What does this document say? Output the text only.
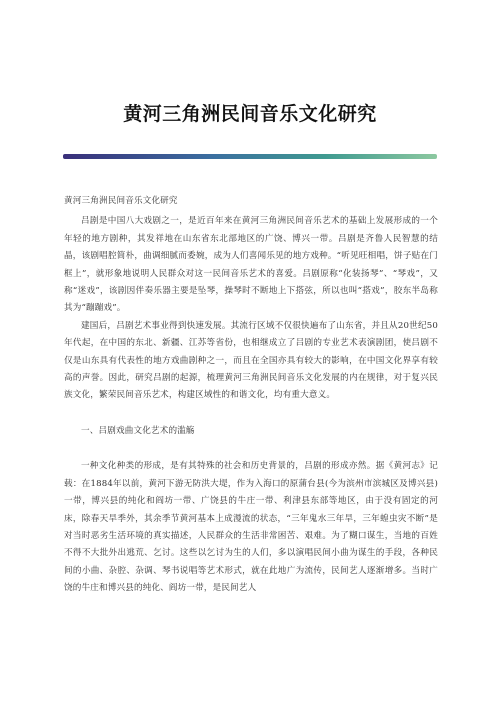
黄河三角洲民间音乐文化研究

黄河三角洲民间音乐文化研究

吕剧是中国八大戏剧之一，是近百年来在黄河三角洲民间音乐艺术的基础上发展形成的一个年轻的地方剧种，其发祥地在山东省东北部地区的广饶、博兴一带。吕剧是齐鲁人民智慧的结晶，该剧唱腔简朴，曲调细腻而委婉，成为人们喜闻乐见的地方戏种。“听见旺相唱，饼子贴在门框上”，就形象地说明人民群众对这一民间音乐艺术的喜爱。吕剧原称“化装扬琴”、“琴戏”，又称“迷戏”，该剧因伴奏乐器主要是坠琴，操琴时不断地上下搭弦，所以也叫“搭戏”，胶东半岛称其为“蹦蹦戏”。

建国后，吕剧艺术事业得到快速发展。其流行区域不仅很快遍布了山东省，并且从20世纪50年代起，在中国的东北、新疆、江苏等省份，也相继成立了吕剧的专业艺术表演剧团，使吕剧不仅是山东具有代表性的地方戏曲剧种之一，而且在全国亦具有较大的影响，在中国文化界享有较高的声誉。因此，研究吕剧的起源，梳理黄河三角洲民间音乐文化发展的内在规律，对于复兴民族文化，繁荣民间音乐艺术，构建区域性的和谐文化，均有重大意义。

一、吕剧戏曲文化艺术的滥觞

一种文化种类的形成，是有其特殊的社会和历史背景的，吕剧的形成亦然。据《黄河志》记载：在1884年以前，黄河下游无防洪大堤，作为入海口的原蒲台县(今为滨州市滨城区及博兴县)一带，博兴县的纯化和阎坊一带、广饶县的牛庄一带、利津县东部等地区，由于没有固定的河床，除春天旱季外，其余季节黄河基本上成漫流的状态，“三年鬼水三年旱，三年蝗虫灾不断”是对当时恶劣生活环境的真实描述，人民群众的生活非常困苦、艰难。为了糊口谋生，当地的百姓不得不大批外出逃荒、乞讨。这些以乞讨为生的人们，多以演唱民间小曲为谋生的手段，各种民间的小曲、杂腔、杂调、琴书说唱等艺术形式，就在此地广为流传，民间艺人逐渐增多。当时广饶的牛庄和博兴县的纯化、阎坊一带，是民间艺人
